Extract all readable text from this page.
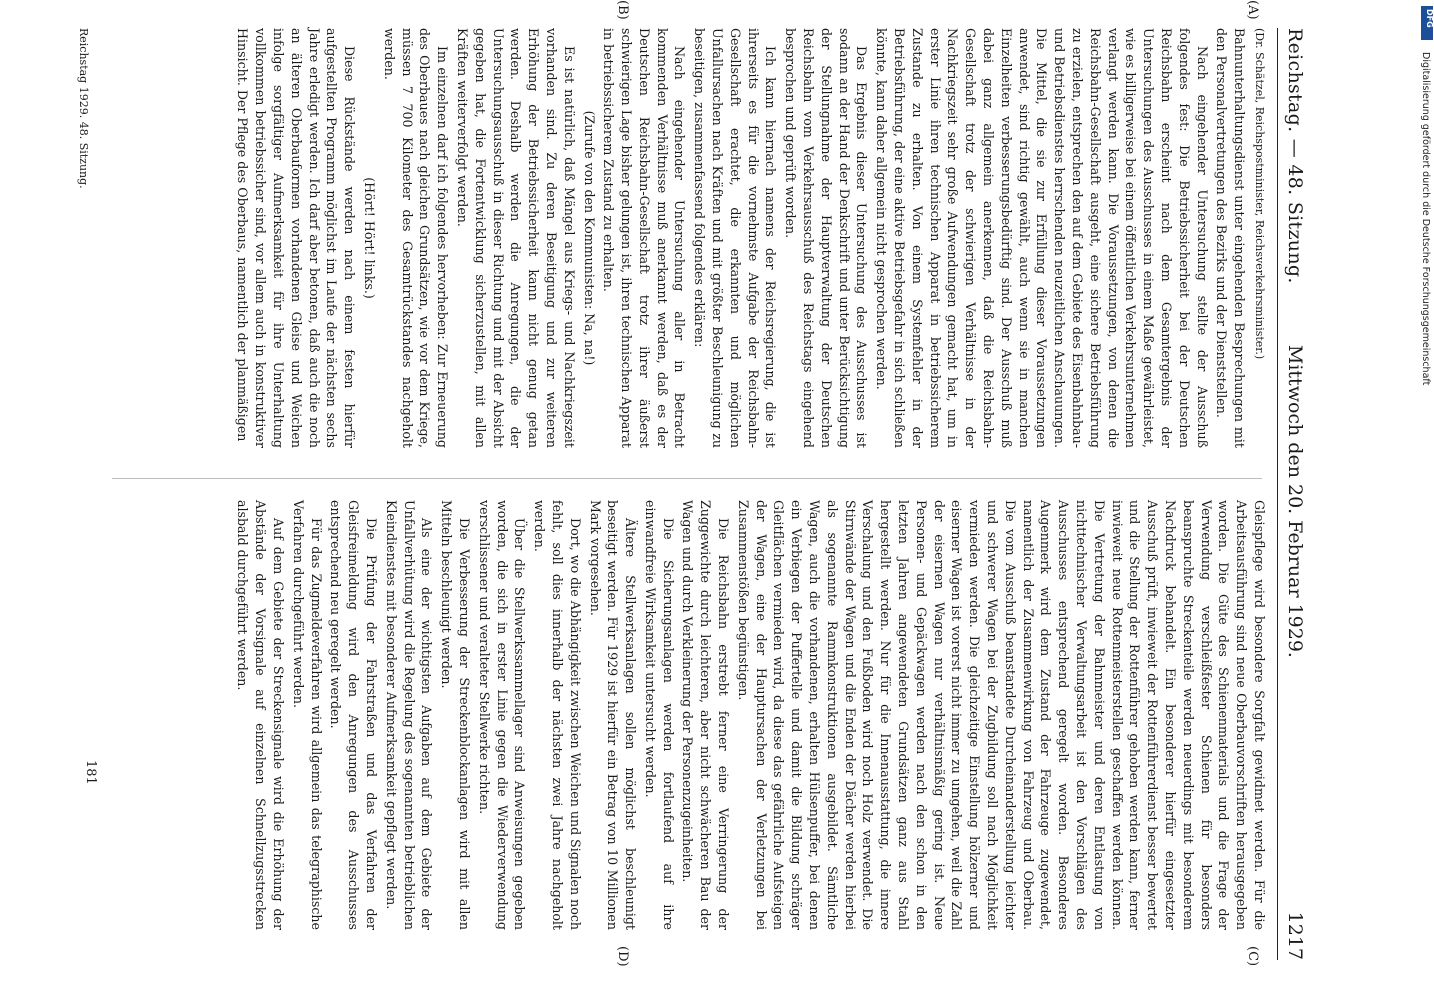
Reichstag. — 48. Sitzung.
Mittwoch den 20. Februar 1929.                                          1217
(A)
(B)
(C)
(D)

(Dr. Schätzel, Reichspostminister, Reichsverkehrsminister.)

Bahnunterhaltungsdienst unter eingehenden Besprechungen mit den Personalvertretungen des Bezirks und der Dienststellen.

Nach eingehender Untersuchung stellte der Ausschuß folgendes fest: Die Betriebssicherheit bei der Deutschen Reichsbahn erscheint nach dem Gesamtergebnis der Untersuchungen des Ausschusses in einem Maße gewährleistet, wie es billigerweise bei einem öffentlichen Verkehrsunternehmen verlangt werden kann. Die Voraussetzungen, von denen die Reichsbahn-Gesellschaft ausgeht, eine sichere Betriebsführung zu erzielen, entsprechen den auf dem Gebiete des Eisenbahnbau- und Betriebsdienstes herrschenden neuzeitlichen Anschauungen. Die Mittel, die sie zur Erfüllung dieser Voraussetzungen anwendet, sind richtig gewählt, auch wenn sie in manchen Einzelheiten verbesserungsbedürftig sind. Der Ausschuß muß dabei ganz allgemein anerkennen, daß die Reichsbahn-Gesellschaft trotz der schwierigen Verhältnisse in der Nachkriegszeit sehr große Aufwendungen gemacht hat, um in erster Linie ihren technischen Apparat in betriebssicherem Zustande zu erhalten. Von einem Systemfehler in der Betriebsführung, der eine aktive Betriebsgefahr in sich schließen könnte, kann daher allgemein nicht gesprochen werden.

Das Ergebnis dieser Untersuchung des Ausschusses ist sodann an der Hand der Denkschrift und unter Berücksichtigung der Stellungnahme der Hauptverwaltung der Deutschen Reichsbahn vom Verkehrsausschuß des Reichstags eingehend besprochen und geprüft worden.

Ich kann hiernach namens der Reichsregierung, die ist ihrerseits es für die vornehmste Aufgabe der Reichsbahn-Gesellschaft erachtet, die erkannten und möglichen Unfallursachen nach Kräften und mit größter Beschleunigung zu beseitigen, zusammenfassend folgendes erklären:

Nach eingehender Untersuchung aller in Betracht kommenden Verhältnisse muß anerkannt werden, daß es der Deutschen Reichsbahn-Gesellschaft trotz ihrer äußerst schwierigen Lage bisher gelungen ist, ihren technischen Apparat in betriebssicherem Zustand zu erhalten.

(Zurufe von den Kommunisten: Na, na!)

Es ist natürlich, daß Mängel aus Kriegs- und Nachkriegszeit vorhanden sind. Zu deren Beseitigung und zur weiteren Erhöhung der Betriebssicherheit kann nicht genug getan werden. Deshalb werden die Anregungen, die der Untersuchungsausschuß in dieser Richtung und mit der Absicht gegeben hat, die Fortentwicklung sicherzustellen, mit allen Kräften weiterverfolgt werden.

Im einzelnen darf ich folgendes hervorheben: Zur Erneuerung des Oberbaues nach gleichen Grundsätzen, wie vor dem Kriege, müssen 7 700 Kilometer des Gesamtrückstandes nachgeholt werden.

(Hört! Hört! links.)

Diese Rückstände werden nach einem festen hierfür aufgestellten Programm möglichst im Laufe der nächsten sechs Jahre erledigt werden. Ich darf aber betonen, daß auch die noch an älteren Oberbauformen vorhandenen Gleise und Weichen infolge sorgfältiger Aufmerksamkeit für ihre Unterhaltung vollkommen betriebssicher sind, vor allem auch in konstruktiver Hinsicht. Der Pflege des Oberbaus, namentlich der planmäßigen

Gleispflege wird besondere Sorgfalt gewidmet werden. Für die Arbeitsausführung sind neue Oberbauvorschriften herausgegeben worden. Die Güte des Schienenmaterials und die Frage der Verwendung verschleißfester Schienen für besonders beanspruchte Streckenteile werden neuerdings mit besonderem Nachdruck behandelt. Ein besonderer hierfür eingesetzter Ausschuß prüft, inwieweit der Rottenführerdienst besser bewertet und die Stellung der Rottenführer gehoben werden kann, ferner inwieweit neue Rottenmeisterstellen geschaffen werden können. Die Vertretung der Bahnmeister und deren Entlastung von nichttechnischer Verwaltungsarbeit ist den Vorschlägen des Ausschusses entsprechend geregelt worden. Besonderes Augenmerk wird dem Zustand der Fahrzeuge zugewendet, namentlich der Zusammenwirkung von Fahrzeug und Oberbau. Die vom Ausschuß beanstandete Durcheinanderstellung leichter und schwerer Wagen bei der Zugbildung soll nach Möglichkeit vermieden werden. Die gleichzeitige Einstellung hölzerner und eiserner Wagen ist vorerst nicht immer zu umgehen, weil die Zahl der eisernen Wagen nur verhältnismäßig gering ist. Neue Personen- und Gepäckwagen werden nach den schon in den letzten Jahren angewendeten Grundsätzen ganz aus Stahl hergestellt werden. Nur für die Innenausstattung, die innere Verschalung und den Fußboden wird noch Holz verwendet. Die Stirnwände der Wagen und die Enden der Dächer werden hierbei als sogenannte Rammkonstruktionen ausgebildet. Sämtliche Wagen, auch die vorhandenen, erhalten Hülsenpuffer, bei denen ein Verbiegen der Puffertelle und damit die Bildung schräger Gleitflächen vermieden wird, da diese das gefährliche Aufsteigen der Wagen, eine der Hauptursachen der Verletzungen bei Zusammenstößen begünstigen.

Die Reichsbahn erstrebt ferner eine Verringerung der Zuggewichte durch leichteren, aber nicht schwächeren Bau der Wagen und durch Verkleinerung der Personenzugeinheiten.

Die Sicherungsanlagen werden fortlaufend auf ihre einwandfreie Wirksamkeit untersucht werden.

Ältere Stellwerksanlagen sollen möglichst beschleunigt beseitigt werden. Für 1929 ist hierfür ein Betrag von 10 Millionen Mark vorgesehen.

Dort, wo die Abhängigkeit zwischen Weichen und Signalen noch fehlt, soll dies innerhalb der nächsten zwei Jahre nachgeholt werden.

Über die Stellwerkssammellager sind Anweisungen gegeben worden, die sich in erster Linie gegen die Wiederverwendung verschlissener und veralteter Stellwerke richten.

Die Verbesserung der Streckenblockanlagen wird mit allen Mitteln beschleunigt werden.

Als eine der wichtigsten Aufgaben auf dem Gebiete der Unfallverhütung wird die Regelung des sogenannten betrieblichen Kleindienstes mit besonderer Aufmerksamkeit gepflegt werden.

Die Prüfung der Fahrstraßen und das Verfahren der Gleisfreimeldung wird den Anregungen des Ausschusses entsprechend neu geregelt werden.

Für das Zugmeldeverfahren wird allgemein das telegraphische Verfahren durchgeführt werden.

Auf dem Gebiete der Streckensignale wird die Erhöhung der Abstände der Vorsignale auf einzelnen Schnellzugsstrecken alsbald durchgeführt werden.

181
Reichstag 1929. 48. Sitzung.
DFG
Digitalisierung gefördert durch die Deutsche Forschungsgemeinschaft
